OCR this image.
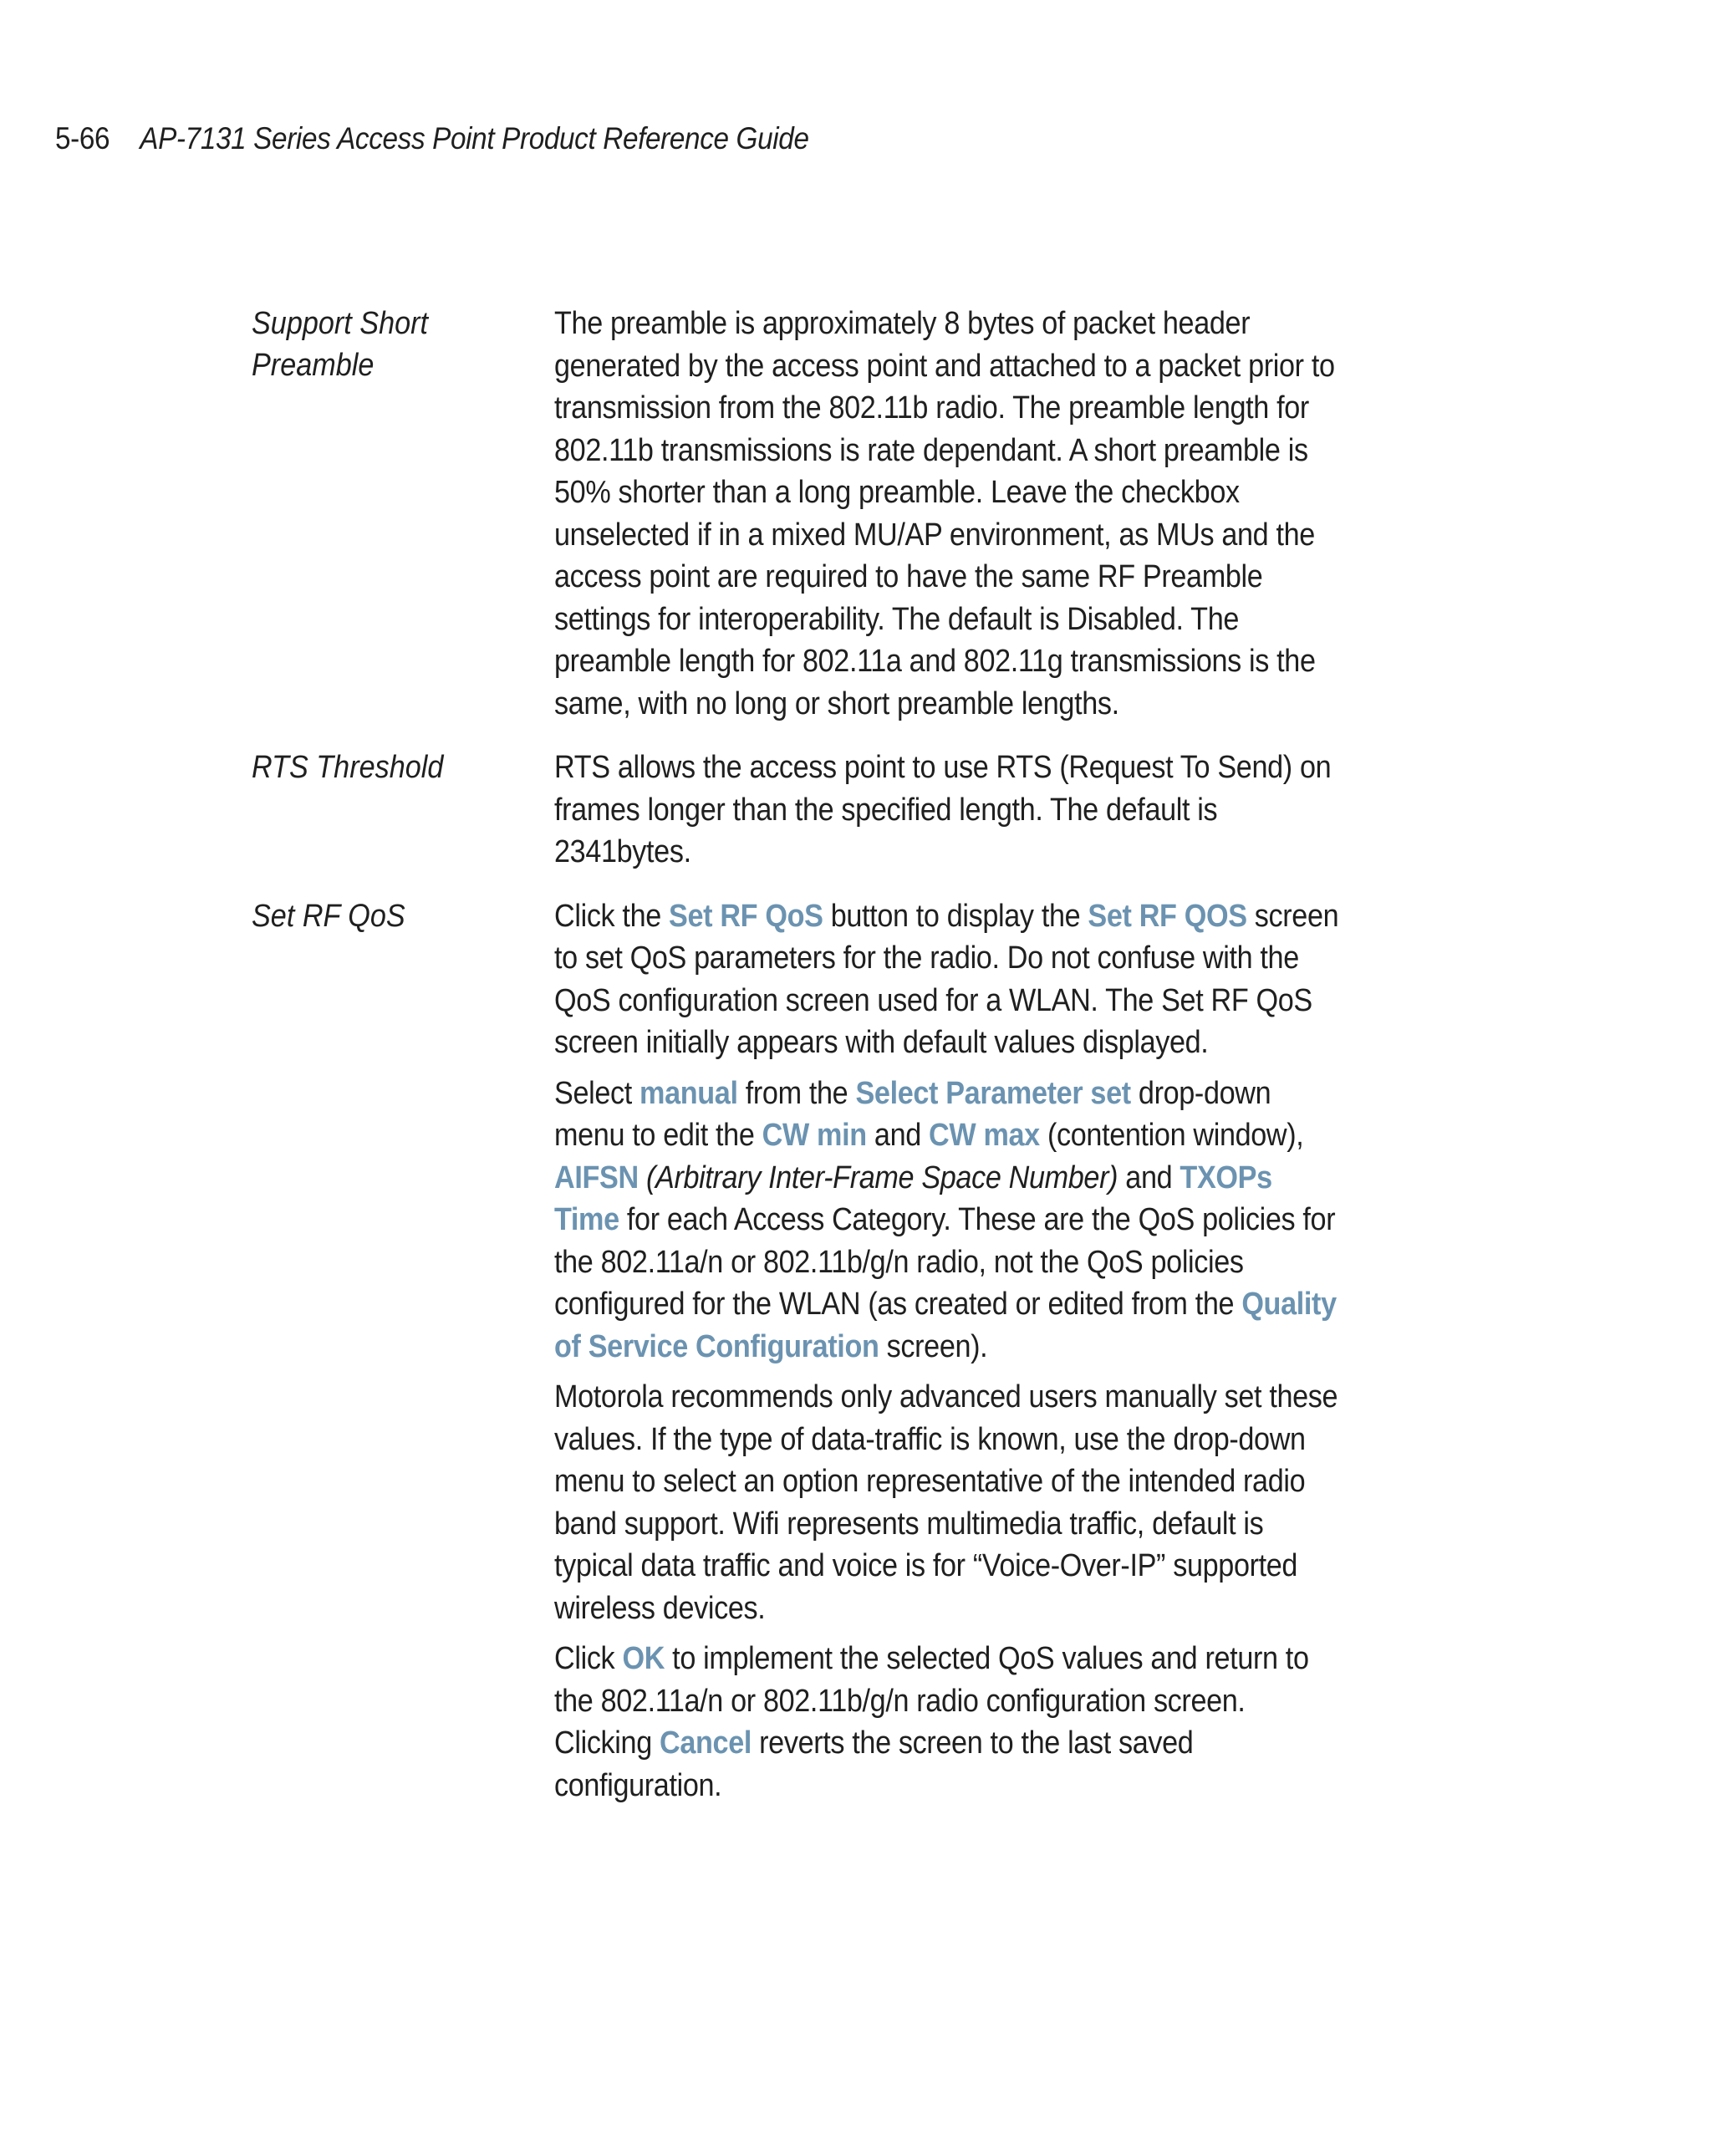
5-66 AP-7131 Series Access Point Product Reference Guide
Support Short
Preamble

The preamble is approximately 8 bytes of packet header generated by the access point and attached to a packet prior to transmission from the 802.11b radio. The preamble length for 802.11b transmissions is rate dependant. A short preamble is 50% shorter than a long preamble. Leave the checkbox unselected if in a mixed MU/AP environment, as MUs and the access point are required to have the same RF Preamble settings for interoperability. The default is Disabled. The preamble length for 802.11a and 802.11g transmissions is the same, with no long or short preamble lengths.

RTS Threshold	RTS allows the access point to use RTS (Request To Send) on frames longer than the specified length. The default is 2341bytes.

Set RF QoS	Click the Set RF QoS button to display the Set RF QOS screen to set QoS parameters for the radio. Do not confuse with the QoS configuration screen used for a WLAN. The Set RF QoS screen initially appears with default values displayed.

Select manual from the Select Parameter set drop-down menu to edit the CW min and CW max (contention window), AIFSN (Arbitrary Inter-Frame Space Number) and TXOPs Time for each Access Category. These are the QoS policies for the 802.11a/n or 802.11b/g/n radio, not the QoS policies configured for the WLAN (as created or edited from the Quality of Service Configuration screen).

Motorola recommends only advanced users manually set these values. If the type of data-traffic is known, use the drop-down menu to select an option representative of the intended radio band support. Wifi represents multimedia traffic, default is typical data traffic and voice is for “Voice-Over-IP” supported wireless devices.

Click OK to implement the selected QoS values and return to the 802.11a/n or 802.11b/g/n radio configuration screen. Clicking Cancel reverts the screen to the last saved configuration.
